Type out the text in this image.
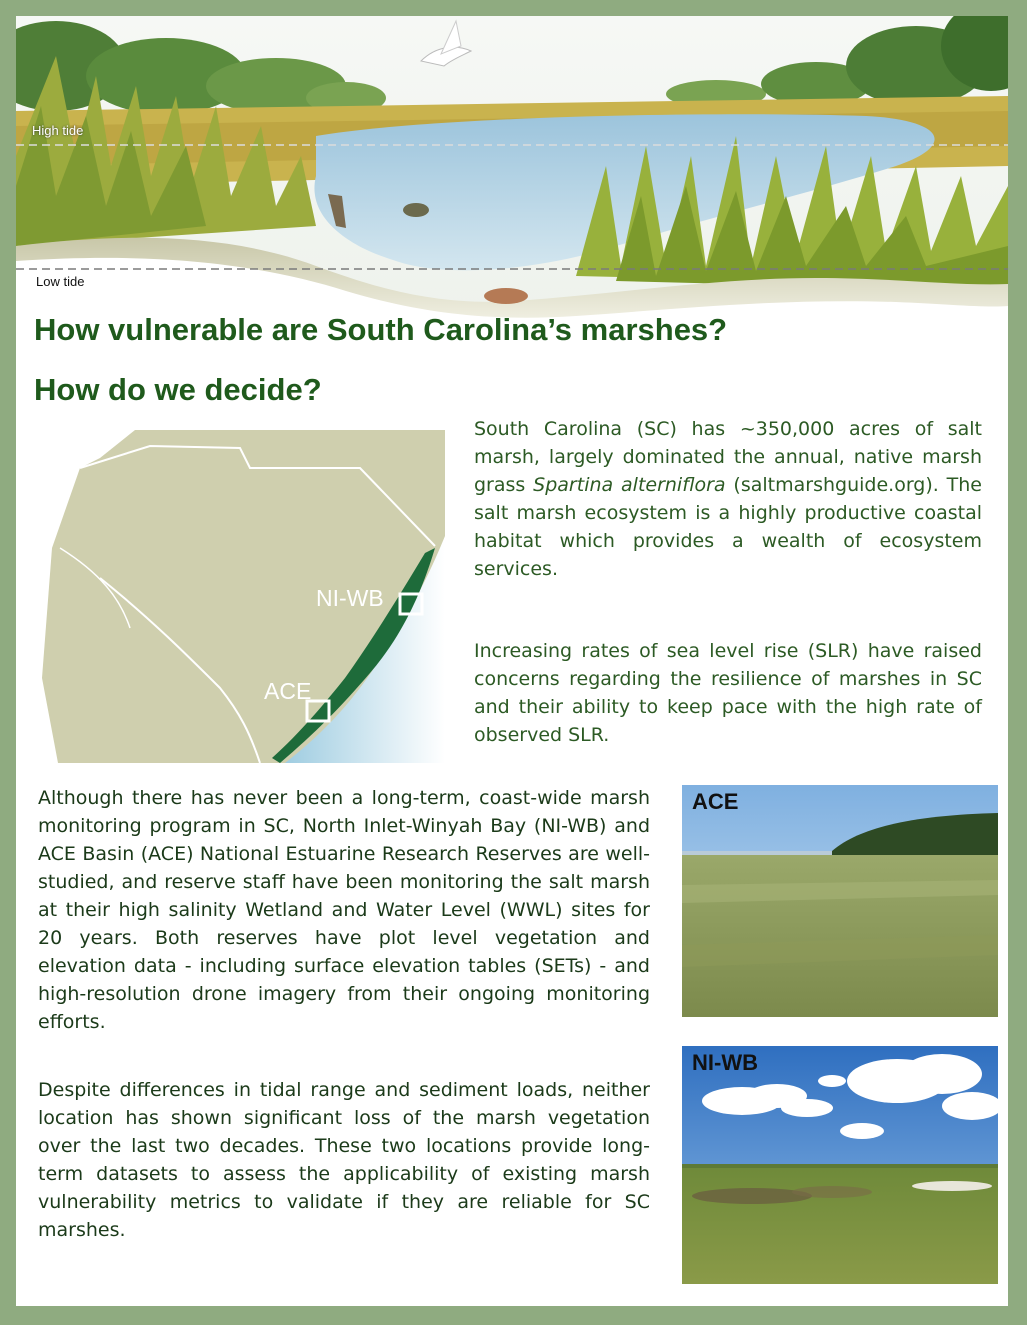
High tide
Low tide
How vulnerable are South Carolina’s marshes?
How do we decide?
NI-WB
ACE

South Carolina (SC) has ~350,000 acres of salt marsh, largely dominated the annual, native marsh grass Spartina alterniflora (saltmarshguide.org). The salt marsh ecosystem is a highly productive coastal habitat which provides a wealth of ecosystem services.

Increasing rates of sea level rise (SLR) have raised concerns regarding the resilience of marshes in SC and their ability to keep pace with the high rate of observed SLR.

Although there has never been a long-term, coast-wide marsh monitoring program in SC, North Inlet-Winyah Bay (NI-WB) and ACE Basin (ACE) National Estuarine Research Reserves are well-studied, and reserve staff have been monitoring the salt marsh at their high salinity Wetland and Water Level (WWL) sites for 20 years. Both reserves have plot level vegetation and elevation data - including surface elevation tables (SETs) - and high-resolution drone imagery from their ongoing monitoring efforts.

Despite differences in tidal range and sediment loads, neither location has shown significant loss of the marsh vegetation over the last two decades. These two locations provide long-term datasets to assess the applicability of existing marsh vulnerability metrics to validate if they are reliable for SC marshes.

ACE
NI-WB
